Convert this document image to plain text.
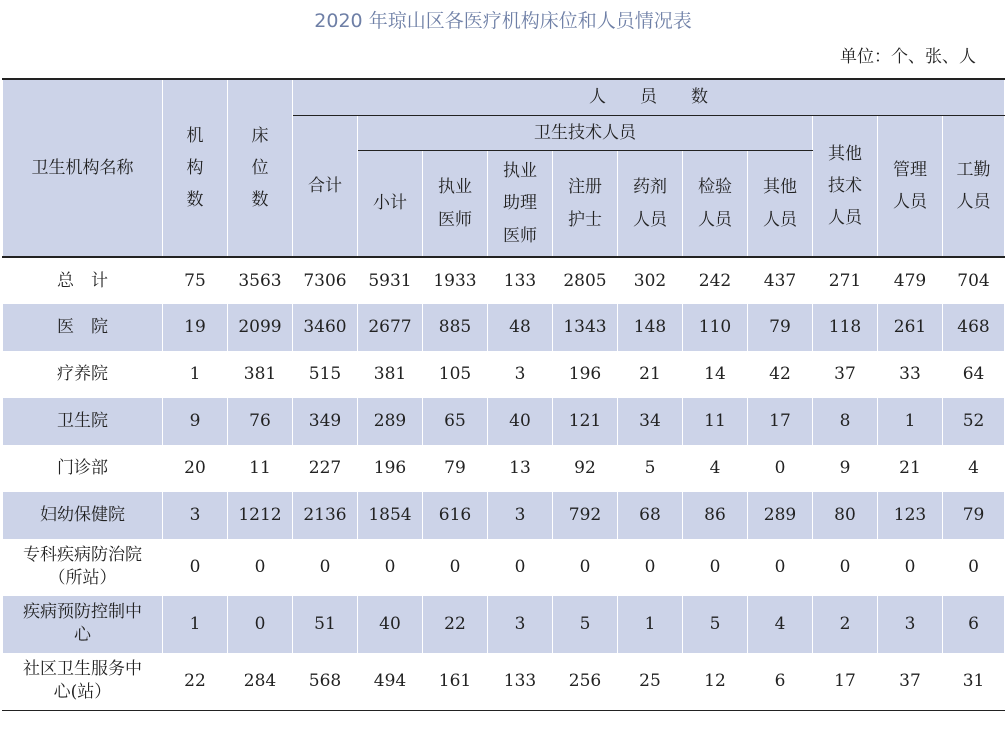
2020 年琼山区各医疗机构床位和人员情况表
单位：个、张、人
卫生机构名称	机构数	床位数	人　　员　　数										
			合计	卫生技术人员							其他技术人员	管理人员	工勤人员
				小计	执业医师	执业助理医师	注册护士	药剂人员	检验人员	其他人员			
总　计	75	3563	7306	5931	1933	133	2805	302	242	437	271	479	704
医　院	19	2099	3460	2677	885	48	1343	148	110	79	118	261	468
疗养院	1	381	515	381	105	3	196	21	14	42	37	33	64
卫生院	9	76	349	289	65	40	121	34	11	17	8	1	52
门诊部	20	11	227	196	79	13	92	5	4	0	9	21	4
妇幼保健院	3	1212	2136	1854	616	3	792	68	86	289	80	123	79
专科疾病防治院（所站）	0	0	0	0	0	0	0	0	0	0	0	0	0
疾病预防控制中心	1	0	51	40	22	3	5	1	5	4	2	3	6
社区卫生服务中心(站）	22	284	568	494	161	133	256	25	12	6	17	37	31
